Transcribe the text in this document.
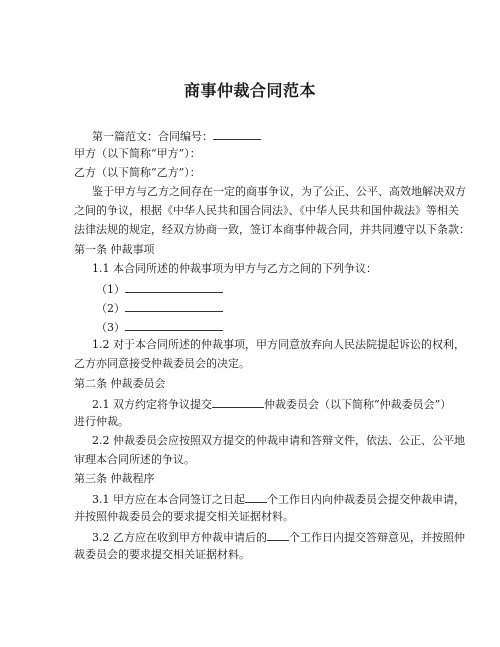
商事仲裁合同范本
第一篇范文：合同编号：
甲方（以下简称“甲方”）：
乙方（以下简称“乙方”）：
鉴于甲方与乙方之间存在一定的商事争议，为了公正、公平、高效地解决双方
之间的争议，根据《中华人民共和国合同法》、《中华人民共和国仲裁法》等相关
法律法规的规定，经双方协商一致，签订本商事仲裁合同，并共同遵守以下条款：
第一条 仲裁事项
1.1 本合同所述的仲裁事项为甲方与乙方之间的下列争议：
（1）
（2）
（3）
1.2 对于本合同所述的仲裁事项，甲方同意放弃向人民法院提起诉讼的权利，
乙方亦同意接受仲裁委员会的决定。
第二条 仲裁委员会
2.1 双方约定将争议提交	仲裁委员会（以下简称“仲裁委员会”）
进行仲裁。
2.2 仲裁委员会应按照双方提交的仲裁申请和答辩文件，依法、公正、公平地
审理本合同所述的争议。
第三条 仲裁程序
3.1 甲方应在本合同签订之日起 个工作日内向仲裁委员会提交仲裁申请，
并按照仲裁委员会的要求提交相关证据材料。
3.2 乙方应在收到甲方仲裁申请后的 个工作日内提交答辩意见，并按照仲
裁委员会的要求提交相关证据材料。
